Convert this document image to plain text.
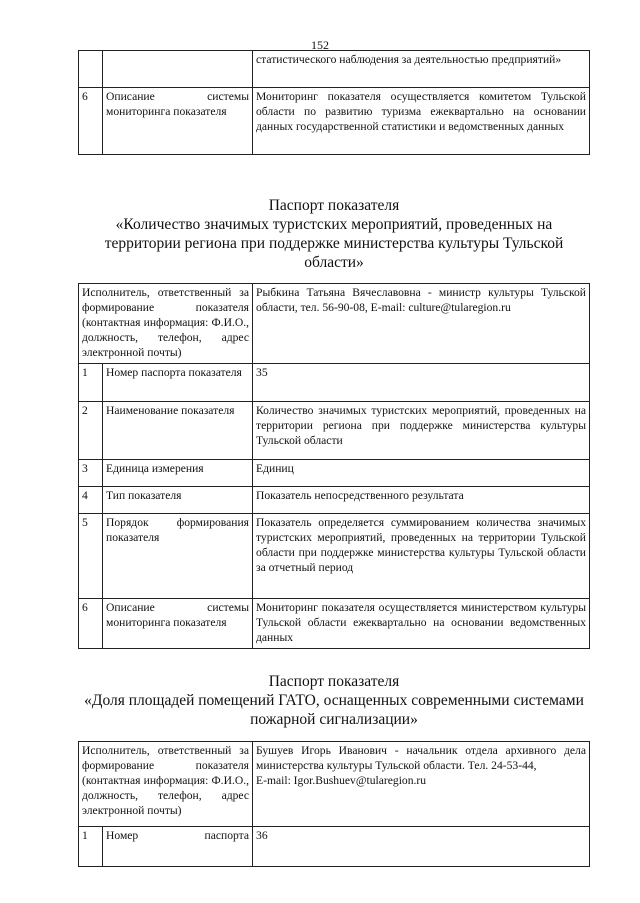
152
		статистического наблюдения за деятельностью предприятий»
6	Описание системы мониторинга показателя	Мониторинг показателя осуществляется комитетом Тульской области по развитию туризма ежеквартально на основании данных государственной статистики и ведомственных данных
Паспорт показателя
«Количество значимых туристских мероприятий, проведенных на территории региона при поддержке министерства культуры Тульской области»
Исполнитель, ответственный за формирование показателя (контактная информация: Ф.И.О., должность, телефон, адрес электронной почты)		Рыбкина Татьяна Вячеславовна - министр культуры Тульской области, тел. 56-90-08, E-mail: culture@tularegion.ru
1	Номер паспорта показателя	35
2	Наименование показателя	Количество значимых туристских мероприятий, проведенных на территории региона при поддержке министерства культуры Тульской области
3	Единица измерения	Единиц
4	Тип показателя	Показатель непосредственного результата
5	Порядок формирования показателя	Показатель определяется суммированием количества значимых туристских мероприятий, проведенных на территории Тульской области при поддержке министерства культуры Тульской области за отчетный период
6	Описание системы мониторинга показателя	Мониторинг показателя осуществляется министерством культуры Тульской области ежеквартально на основании ведомственных данных
Паспорт показателя
«Доля площадей помещений ГАТО, оснащенных современными системами пожарной сигнализации»
Исполнитель, ответственный за формирование показателя (контактная информация: Ф.И.О., должность, телефон, адрес электронной почты)		Бушуев Игорь Иванович - начальник отдела архивного дела министерства культуры Тульской области. Тел. 24-53-44,
E-mail: Igor.Bushuev@tularegion.ru

1	Номер паспорта	36
